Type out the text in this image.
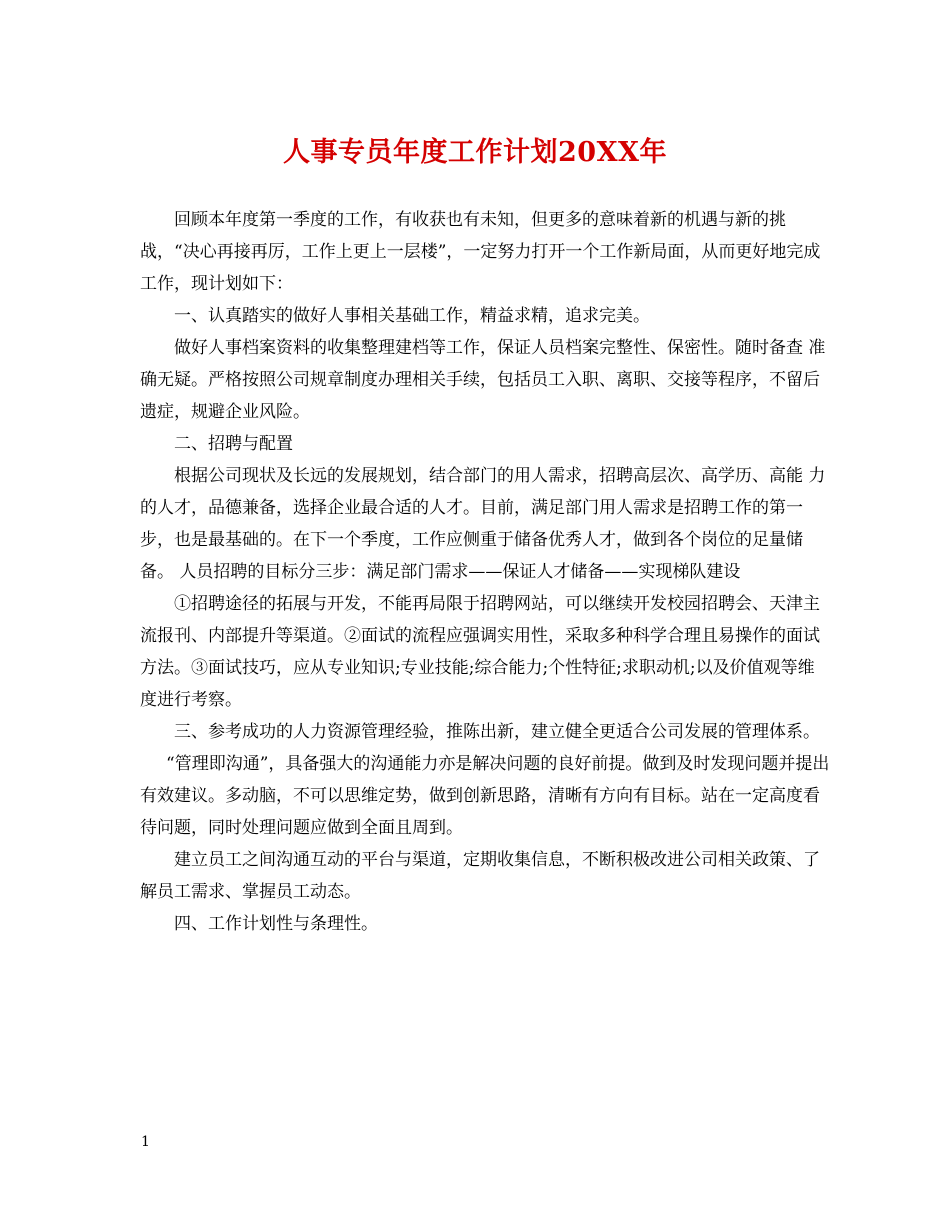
人事专员年度工作计划20XX年

回顾本年度第一季度的工作，有收获也有未知，但更多的意味着新的机遇与新的挑战，“决心再接再厉，工作上更上一层楼”，一定努力打开一个工作新局面，从而更好地完成工作，现计划如下：

一、认真踏实的做好人事相关基础工作，精益求精，追求完美。

做好人事档案资料的收集整理建档等工作，保证人员档案完整性、保密性。随时备查 准确无疑。严格按照公司规章制度办理相关手续，包括员工入职、离职、交接等程序，不留后遗症，规避企业风险。

二、招聘与配置

根据公司现状及长远的发展规划，结合部门的用人需求，招聘高层次、高学历、高能 力的人才，品德兼备，选择企业最合适的人才。目前，满足部门用人需求是招聘工作的第一步，也是最基础的。在下一个季度，工作应侧重于储备优秀人才，做到各个岗位的足量储备。 人员招聘的目标分三步：满足部门需求——保证人才储备——实现梯队建设

①招聘途径的拓展与开发，不能再局限于招聘网站，可以继续开发校园招聘会、天津主流报刊、内部提升等渠道。②面试的流程应强调实用性，采取多种科学合理且易操作的面试方法。③面试技巧，应从专业知识;专业技能;综合能力;个性特征;求职动机;以及价值观等维度进行考察。

三、参考成功的人力资源管理经验，推陈出新，建立健全更适合公司发展的管理体系。

“管理即沟通”，具备强大的沟通能力亦是解决问题的良好前提。做到及时发现问题并提出有效建议。多动脑，不可以思维定势，做到创新思路，清晰有方向有目标。站在一定高度看待问题，同时处理问题应做到全面且周到。

建立员工之间沟通互动的平台与渠道，定期收集信息，不断积极改进公司相关政策、了解员工需求、掌握员工动态。

四、工作计划性与条理性。

1
